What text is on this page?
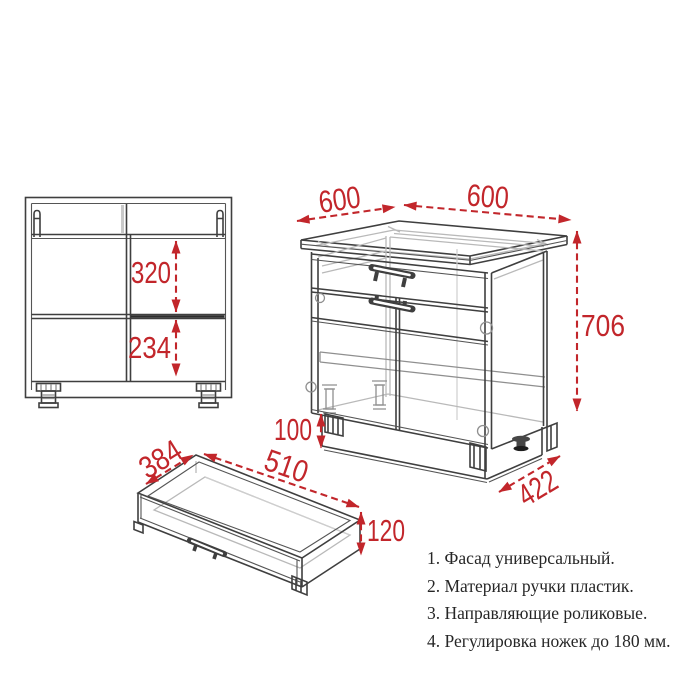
320
234
600	600
706
100
422
384 510
120
1. Фасад универсальный.
2. Материал ручки пластик.
3. Направляющие роликовые.
4. Регулировка ножек до 180 мм.
